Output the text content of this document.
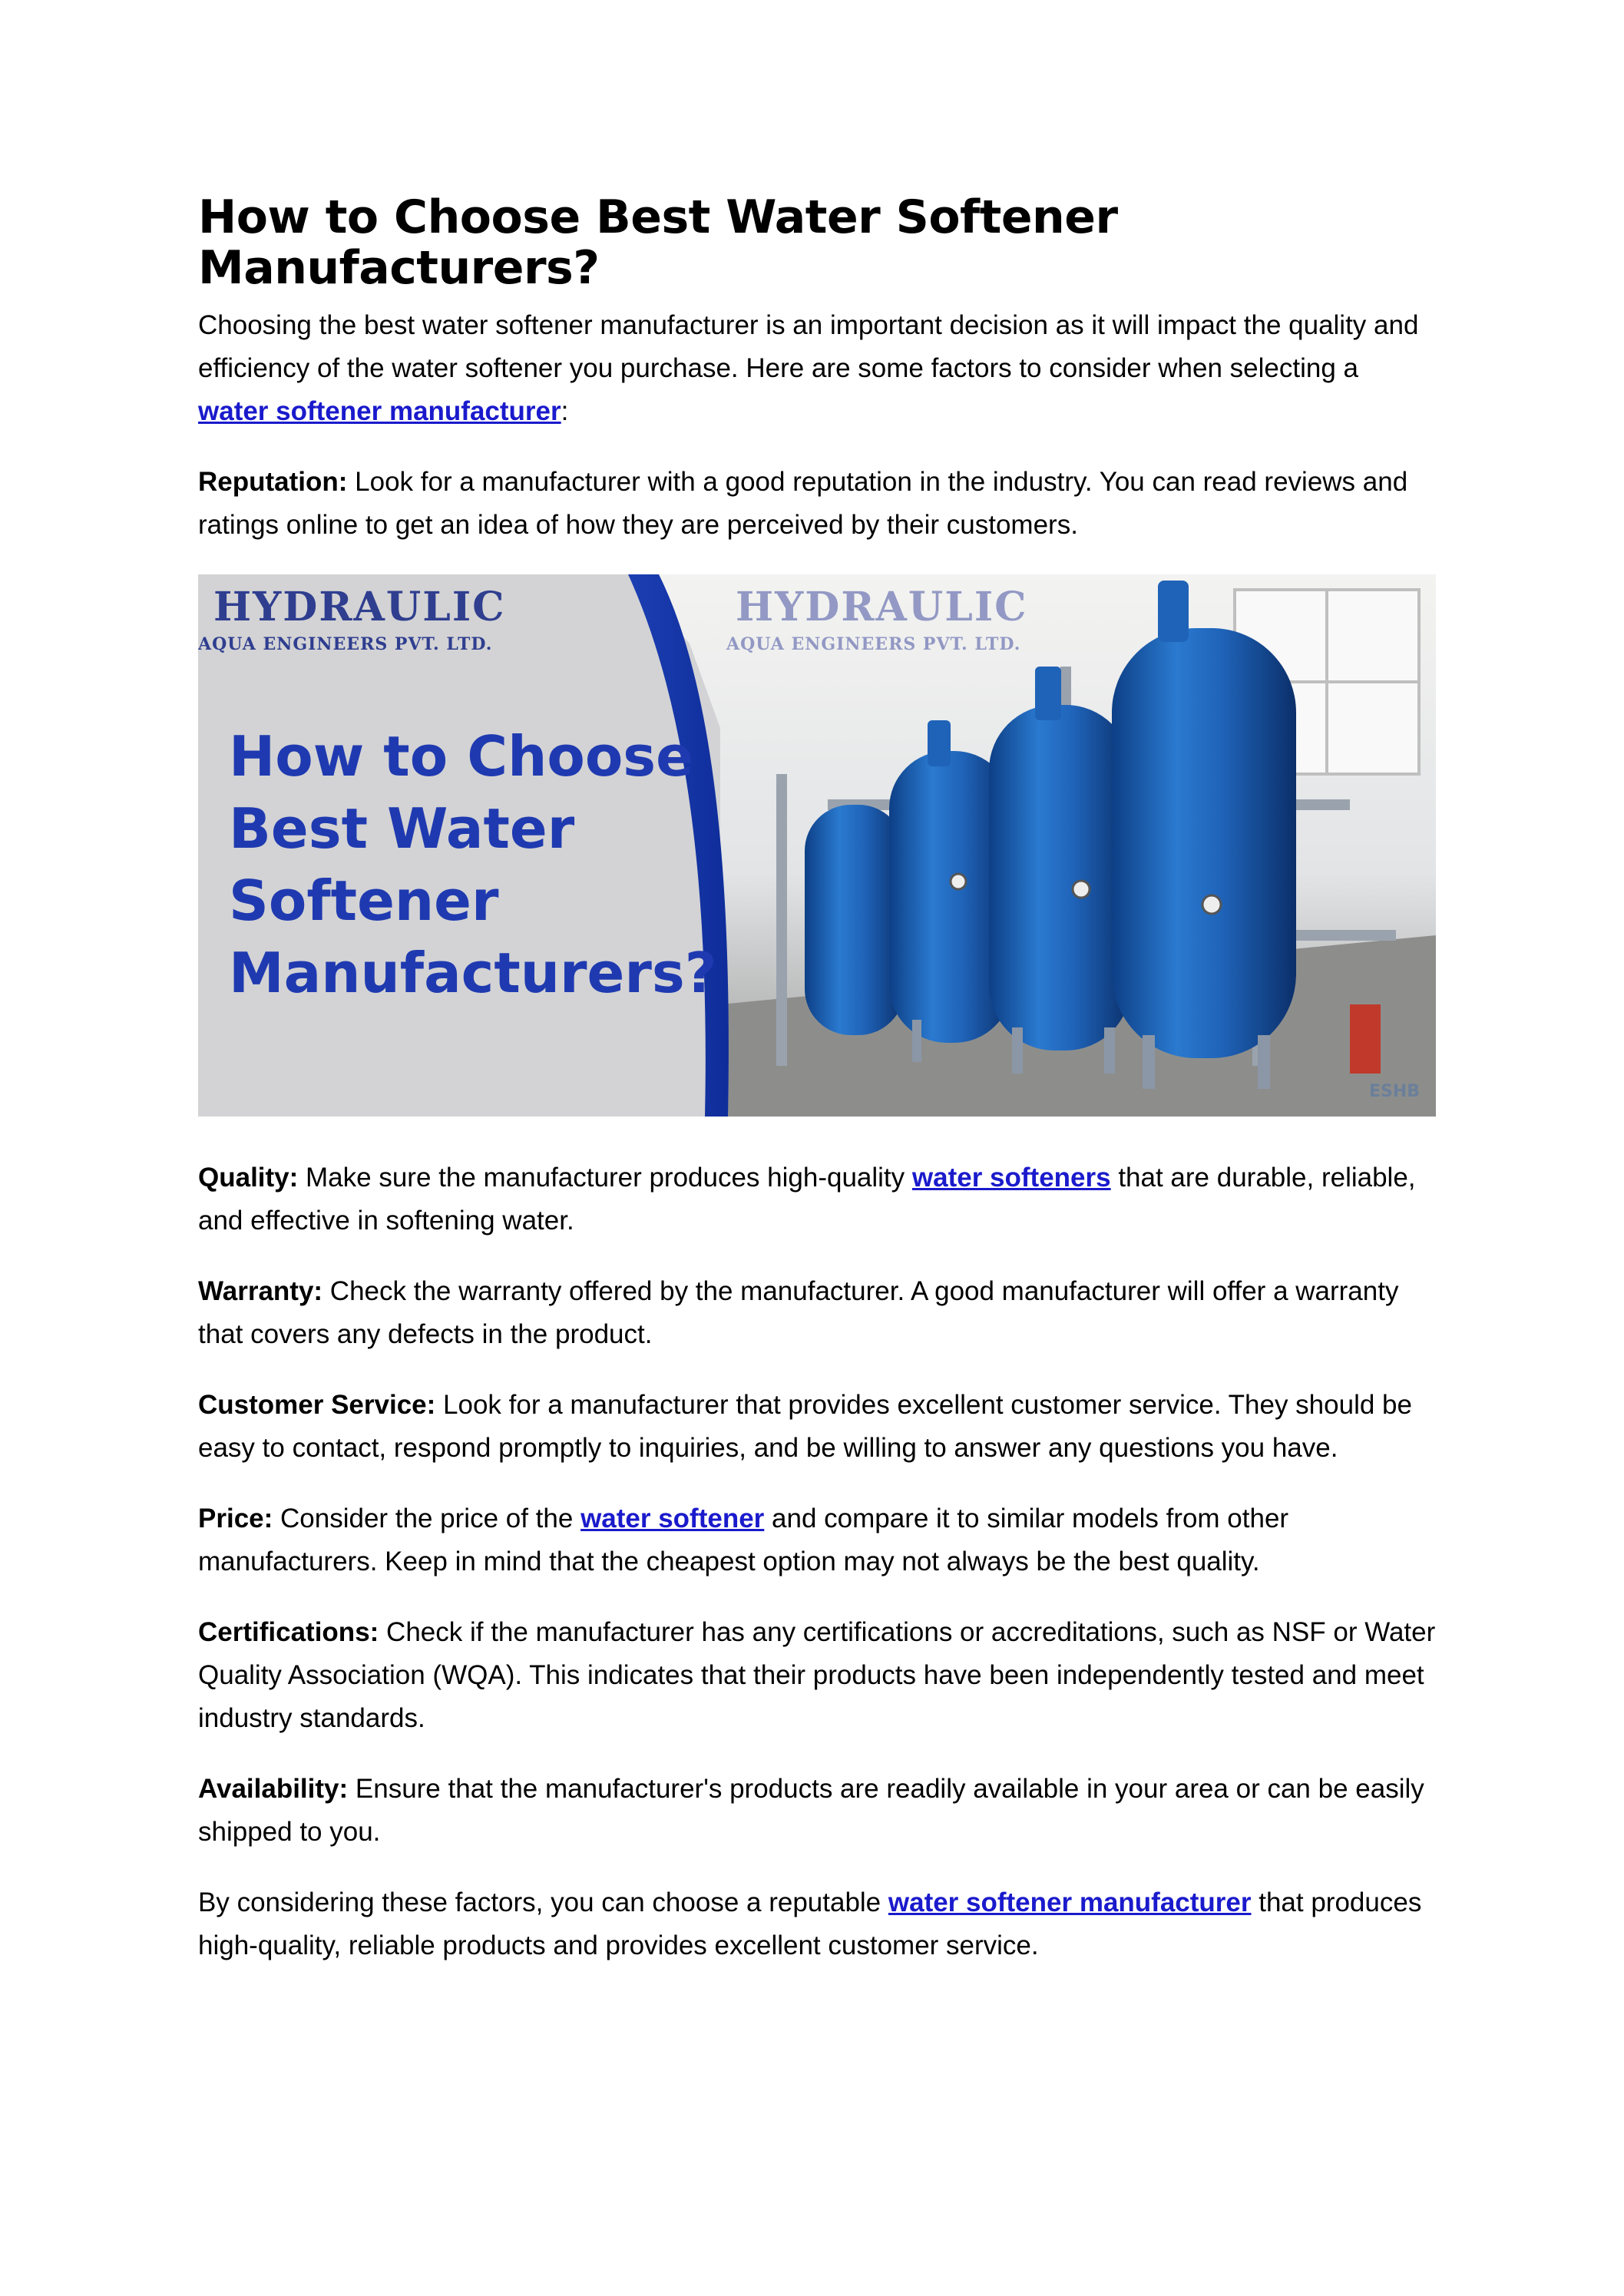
How to Choose Best Water Softener Manufacturers?

Choosing the best water softener manufacturer is an important decision as it will impact the quality and efficiency of the water softener you purchase. Here are some factors to consider when selecting a water softener manufacturer:

Reputation: Look for a manufacturer with a good reputation in the industry. You can read reviews and ratings online to get an idea of how they are perceived by their customers.

ESHB
HYDRAULIC
AQUA ENGINEERS PVT. LTD.
HYDRAULIC
AQUA ENGINEERS PVT. LTD.
How to Choose
Best Water
Softener
Manufacturers?

Quality: Make sure the manufacturer produces high-quality water softeners that are durable, reliable, and effective in softening water.

Warranty: Check the warranty offered by the manufacturer. A good manufacturer will offer a warranty that covers any defects in the product.

Customer Service: Look for a manufacturer that provides excellent customer service. They should be easy to contact, respond promptly to inquiries, and be willing to answer any questions you have.

Price: Consider the price of the water softener and compare it to similar models from other manufacturers. Keep in mind that the cheapest option may not always be the best quality.

Certifications: Check if the manufacturer has any certifications or accreditations, such as NSF or Water Quality Association (WQA). This indicates that their products have been independently tested and meet industry standards.

Availability: Ensure that the manufacturer's products are readily available in your area or can be easily shipped to you.

By considering these factors, you can choose a reputable water softener manufacturer that produces high-quality, reliable products and provides excellent customer service.
